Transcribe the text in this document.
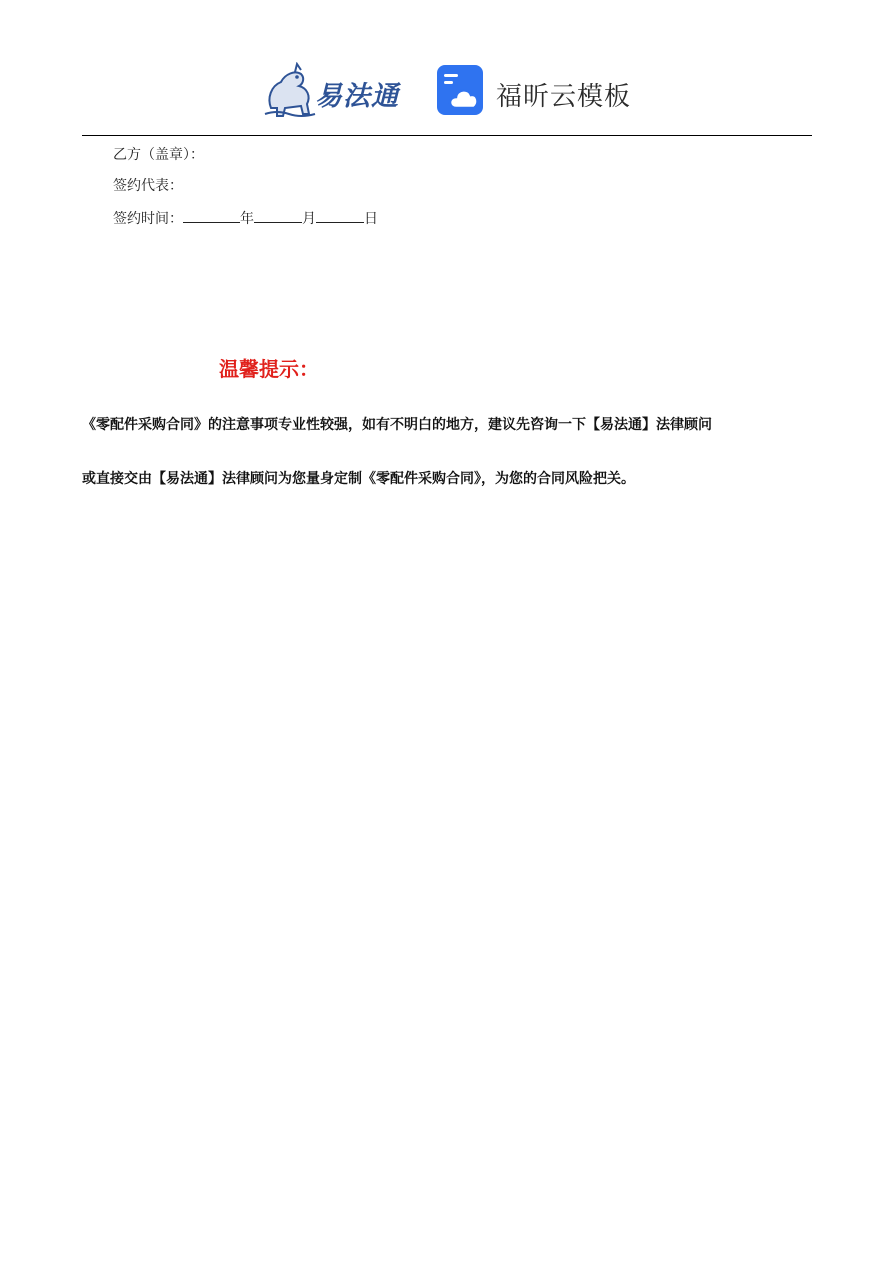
易法通	福昕云模板
乙方（盖章）：
签约代表：
签约时间：	年	月	日
温馨提示：
《零配件采购合同》的注意事项专业性较强，如有不明白的地方，建议先咨询一下【易法通】法律顾问
或直接交由【易法通】法律顾问为您量身定制《零配件采购合同》，为您的合同风险把关。
